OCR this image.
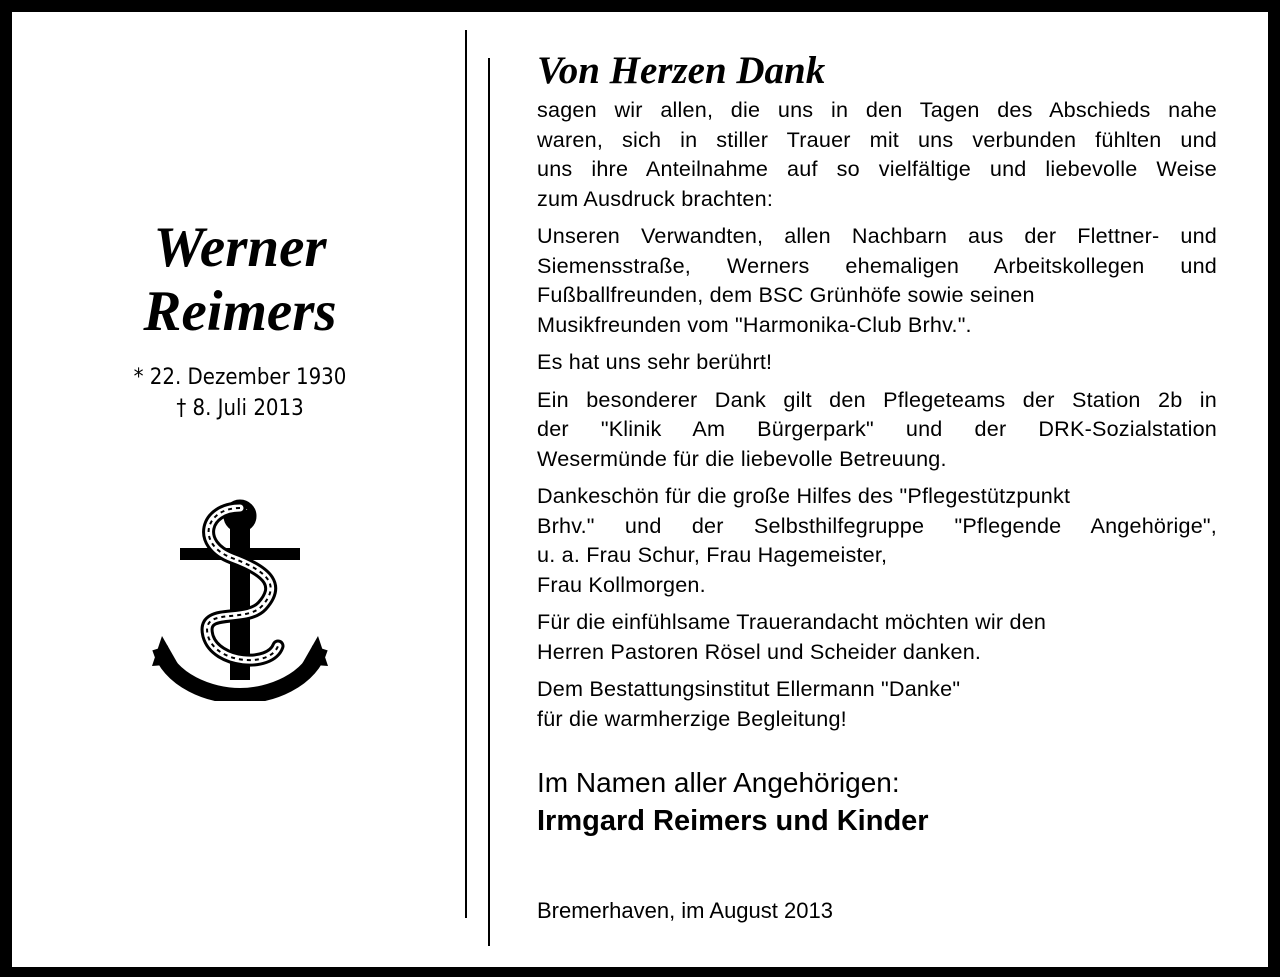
Werner
Reimers
* 22. Dezember 1930
† 8. Juli 2013
Von Herzen Dank

sagen wir allen, die uns in den Tagen des Abschieds nahe
waren, sich in stiller Trauer mit uns verbunden fühlten und
uns ihre Anteilnahme auf so vielfältige und liebevolle Weise
zum Ausdruck brachten:

Unseren Verwandten, allen Nachbarn aus der Flettner- und
Siemensstraße, Werners ehemaligen Arbeitskollegen und
Fußballfreunden, dem BSC Grünhöfe sowie seinen
Musikfreunden vom "Harmonika-Club Brhv.".

Es hat uns sehr berührt!

Ein besonderer Dank gilt den Pflegeteams der Station 2b in
der "Klinik Am Bürgerpark" und der DRK-Sozialstation
Wesermünde für die liebevolle Betreuung.

Dankeschön für die große Hilfes des "Pflegestützpunkt
Brhv." und der Selbsthilfegruppe "Pflegende Angehörige",
u. a. Frau Schur, Frau Hagemeister,
Frau Kollmorgen.

Für die einfühlsame Trauerandacht möchten wir den
Herren Pastoren Rösel und Scheider danken.

Dem Bestattungsinstitut Ellermann "Danke"
für die warmherzige Begleitung!

Im Namen aller Angehörigen:
Irmgard Reimers und Kinder
Bremerhaven, im August 2013
